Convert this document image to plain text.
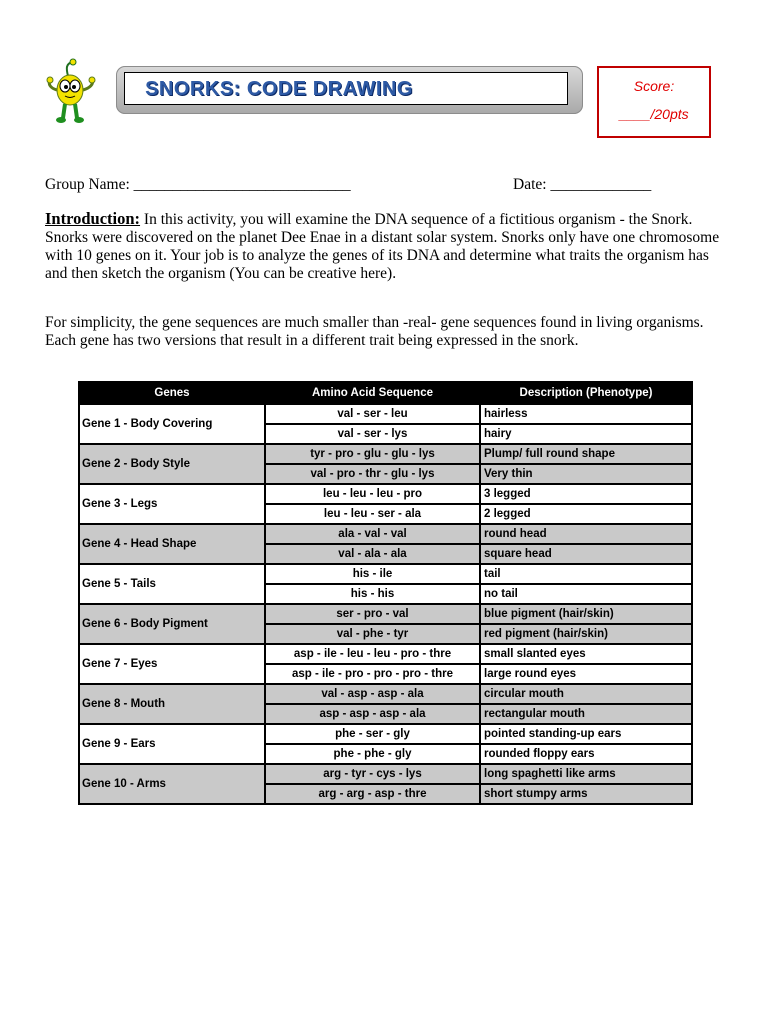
SNORKS: CODE DRAWING	Score:
____/20pts
Group Name: ____________________________	Date: _____________
Introduction: In this activity, you will examine the DNA sequence of a fictitious organism - the Snork. Snorks were discovered on the planet Dee Enae in a distant solar system. Snorks only have one chromosome with 10 genes on it. Your job is to analyze the genes of its DNA and determine what traits the organism has and then sketch the organism (You can be creative here).
For simplicity, the gene sequences are much smaller than -real- gene sequences found in living organisms. Each gene has two versions that result in a different trait being expressed in the snork.
Genes	Amino Acid Sequence	Description (Phenotype)
Gene 1 - Body Covering	val - ser - leu	hairless
	val - ser - lys	hairy
Gene 2 - Body Style	tyr - pro - glu - glu - lys	Plump/ full round shape
	val - pro - thr - glu - lys	Very thin
Gene 3 - Legs	leu - leu - leu - pro	3 legged
	leu - leu - ser - ala	2 legged
Gene 4 - Head Shape	ala - val - val	round head
	val - ala - ala	square head
Gene 5 - Tails	his - ile	tail
	his - his	no tail
Gene 6 - Body Pigment	ser - pro - val	blue pigment (hair/skin)
	val - phe - tyr	red pigment (hair/skin)
Gene 7 - Eyes	asp - ile - leu - leu - pro - thre	small slanted eyes
	asp - ile - pro - pro - pro - thre	large round eyes
Gene 8 - Mouth	val - asp - asp - ala	circular mouth
	asp - asp - asp - ala	rectangular mouth
Gene 9 - Ears	phe - ser - gly	pointed standing-up ears
	phe - phe - gly	rounded floppy ears
Gene 10 - Arms	arg - tyr - cys - lys	long spaghetti like arms
	arg - arg - asp - thre	short stumpy arms
